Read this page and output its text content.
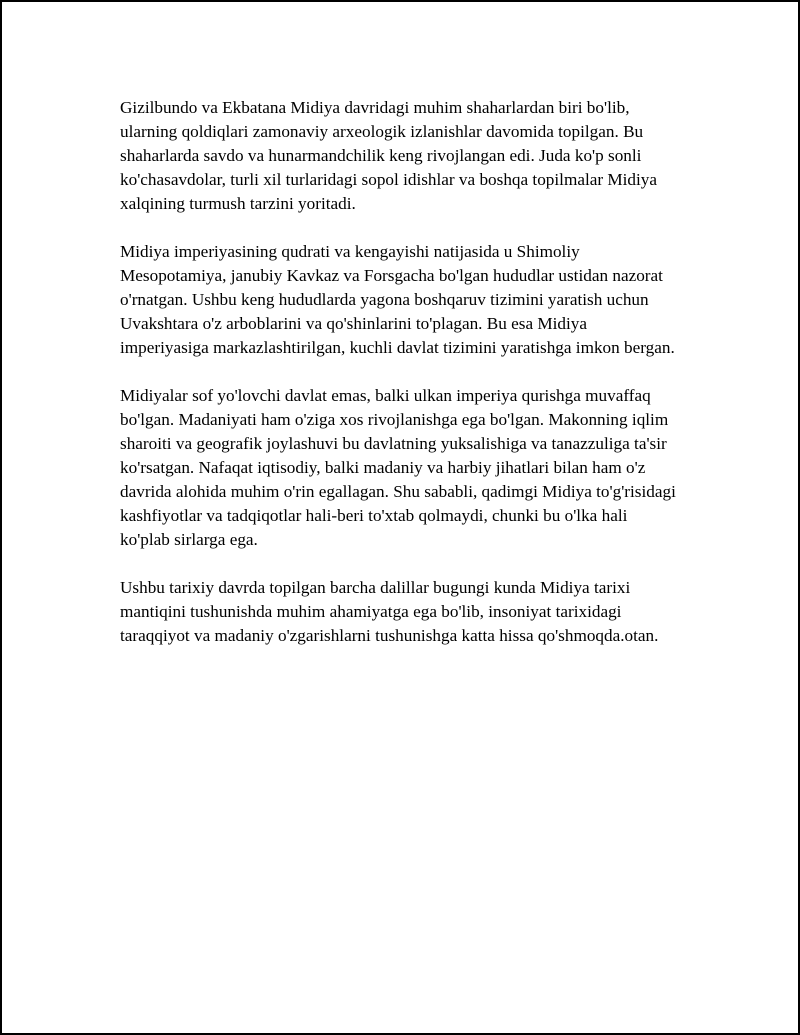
Gizilbundo va Ekbatana Midiya davridagi muhim shaharlardan biri bo'lib, ularning qoldiqlari zamonaviy arxeologik izlanishlar davomida topilgan. Bu shaharlarda savdo va hunarmandchilik keng rivojlangan edi. Juda ko'p sonli ko'chasavdolar, turli xil turlaridagi sopol idishlar va boshqa topilmalar Midiya xalqining turmush tarzini yoritadi.

Midiya imperiyasining qudrati va kengayishi natijasida u Shimoliy Mesopotamiya, janubiy Kavkaz va Forsgacha bo'lgan hududlar ustidan nazorat o'rnatgan. Ushbu keng hududlarda yagona boshqaruv tizimini yaratish uchun Uvakshtara o'z arboblarini va qo'shinlarini to'plagan. Bu esa Midiya imperiyasiga markazlashtirilgan, kuchli davlat tizimini yaratishga imkon bergan.

Midiyalar sof yo'lovchi davlat emas, balki ulkan imperiya qurishga muvaffaq bo'lgan. Madaniyati ham o'ziga xos rivojlanishga ega bo'lgan. Makonning iqlim sharoiti va geografik joylashuvi bu davlatning yuksalishiga va tanazzuliga ta'sir ko'rsatgan. Nafaqat iqtisodiy, balki madaniy va harbiy jihatlari bilan ham o'z davrida alohida muhim o'rin egallagan. Shu sababli, qadimgi Midiya to'g'risidagi kashfiyotlar va tadqiqotlar hali-beri to'xtab qolmaydi, chunki bu o'lka hali ko'plab sirlarga ega.

Ushbu tarixiy davrda topilgan barcha dalillar bugungi kunda Midiya tarixi mantiqini tushunishda muhim ahamiyatga ega bo'lib, insoniyat tarixidagi taraqqiyot va madaniy o'zgarishlarni tushunishga katta hissa qo'shmoqda.otan.
